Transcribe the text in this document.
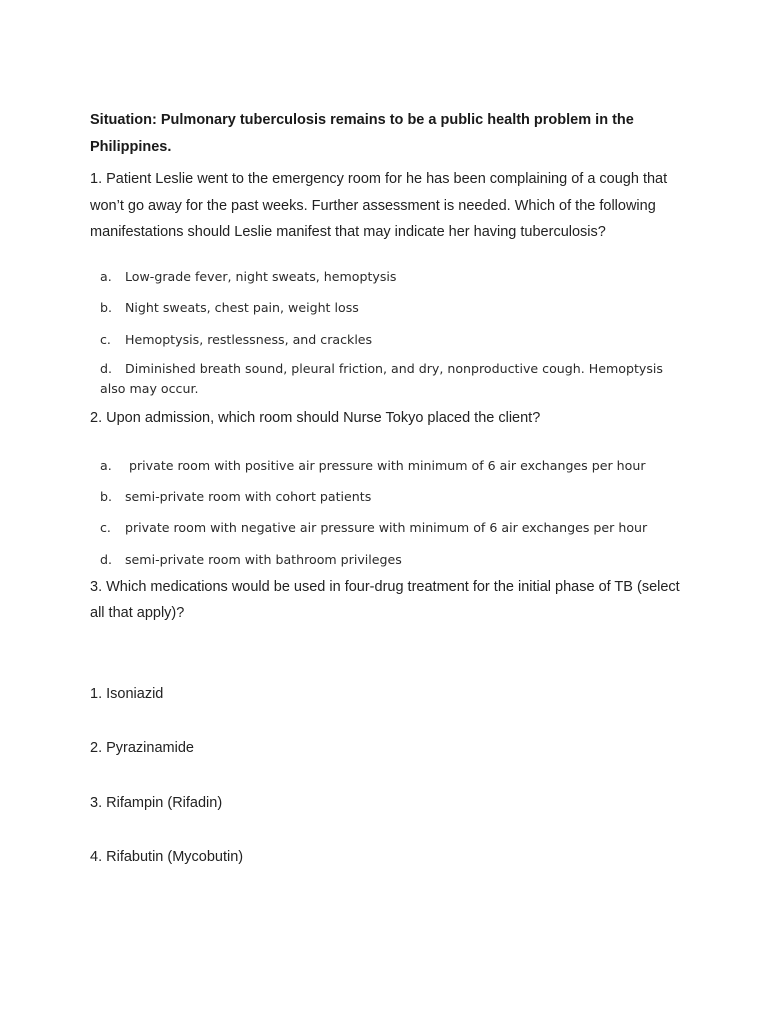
Situation: Pulmonary tuberculosis remains to be a public health problem in the Philippines.

1. Patient Leslie went to the emergency room for he has been complaining of a cough that won’t go away for the past weeks. Further assessment is needed. Which of the following manifestations should Leslie manifest that may indicate her having tuberculosis?

a. Low-grade fever, night sweats, hemoptysis
b. Night sweats, chest pain, weight loss
c. Hemoptysis, restlessness, and crackles
d. Diminished breath sound, pleural friction, and dry, nonproductive cough. Hemoptysis also may occur.

2. Upon admission, which room should Nurse Tokyo placed the client?

a. private room with positive air pressure with minimum of 6 air exchanges per hour
b. semi-private room with cohort patients
c. private room with negative air pressure with minimum of 6 air exchanges per hour
d. semi-private room with bathroom privileges

3. Which medications would be used in four-drug treatment for the initial phase of TB (select all that apply)?

1. Isoniazid
2. Pyrazinamide
3. Rifampin (Rifadin)
4. Rifabutin (Mycobutin)
